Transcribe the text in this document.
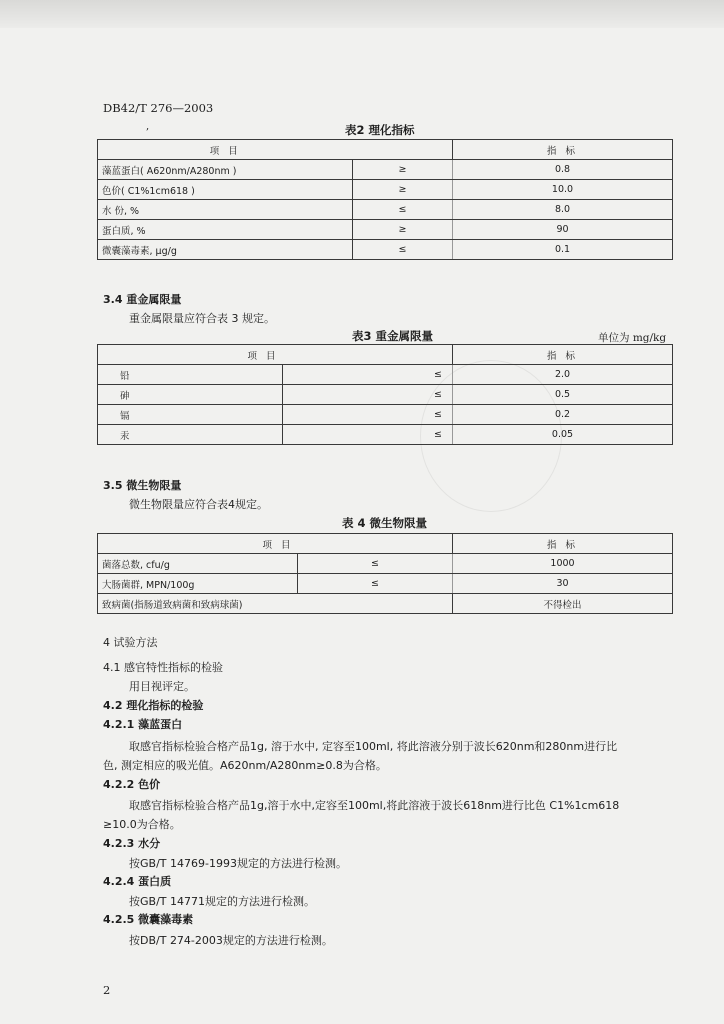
DB42/T 276—2003
,	表2 理化指标
项 目		指 标
藻蓝蛋白( A620nm/A280nm )	≥	0.8
色价( C1%1cm618 )	≥	10.0
水 份, %	≤	8.0
蛋白质, %	≥	90
微囊藻毒素, μg/g	≤	0.1
3.4 重金属限量
重金属限量应符合表 3 规定。
表3 重金属限量	单位为 mg/kg
项 目		指 标
铅	≤	2.0
砷	≤	0.5
镉	≤	0.2
汞	≤	0.05
3.5 微生物限量
微生物限量应符合表4规定。
表 4 微生物限量
项 目		指 标
菌落总数, cfu/g	≤	1000
大肠菌群, MPN/100g	≤	30
致病菌(指肠道致病菌和致病球菌)		不得检出
4 试验方法
4.1 感官特性指标的检验
用目视评定。
4.2 理化指标的检验
4.2.1 藻蓝蛋白
取感官指标检验合格产品1g, 溶于水中, 定容至100ml, 将此溶液分别于波长620nm和280nm进行比
色, 测定相应的吸光值。A620nm/A280nm≥0.8为合格。
4.2.2 色价
取感官指标检验合格产品1g,溶于水中,定容至100ml,将此溶液于波长618nm进行比色 C1%1cm618
≥10.0为合格。
4.2.3 水分
按GB/T 14769-1993规定的方法进行检测。
4.2.4 蛋白质
按GB/T 14771规定的方法进行检测。
4.2.5 微囊藻毒素
按DB/T 274-2003规定的方法进行检测。
2
